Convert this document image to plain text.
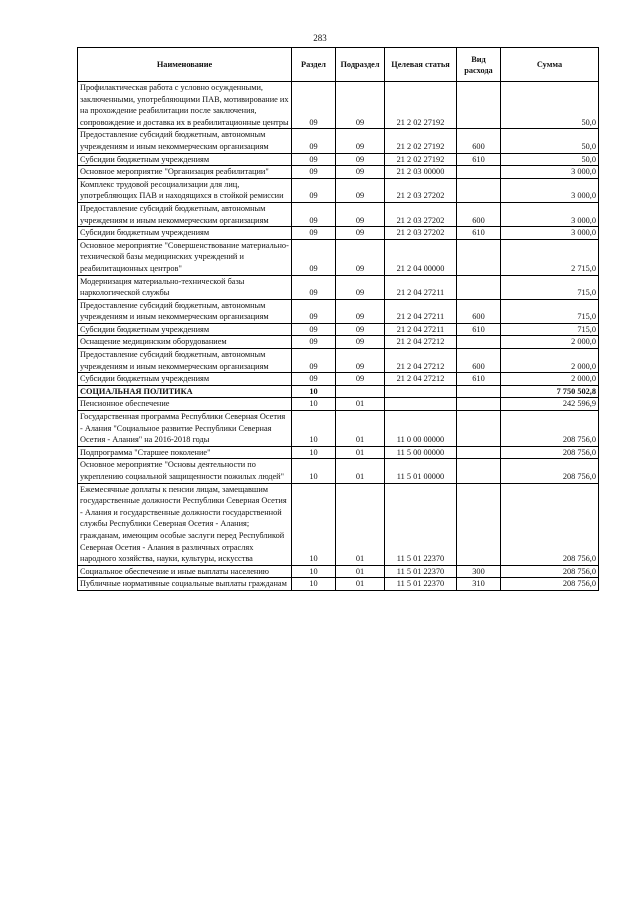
283
Наименование	Раздел	Подраздел	Целевая статья	Вид расхода	Сумма
Профилактическая работа с условно осужденными, заключенными, употребляющими ПАВ, мотивирование их на прохождение реабилитации после заключения, сопровождение и доставка их в реабилитационные центры	09	09	21 2 02 27192		50,0
Предоставление субсидий бюджетным, автономным учреждениям и иным некоммерческим организациям	09	09	21 2 02 27192	600	50,0
Субсидии бюджетным учреждениям	09	09	21 2 02 27192	610	50,0
Основное мероприятие "Организация реабилитации"	09	09	21 2 03 00000		3 000,0
Комплекс трудовой ресоциализации для лиц, употребляющих ПАВ и находящихся в стойкой ремиссии	09	09	21 2 03 27202		3 000,0
Предоставление субсидий бюджетным, автономным учреждениям и иным некоммерческим организациям	09	09	21 2 03 27202	600	3 000,0
Субсидии бюджетным учреждениям	09	09	21 2 03 27202	610	3 000,0
Основное мероприятие "Совершенствование материально-технической базы медицинских учреждений и реабилитационных центров"	09	09	21 2 04 00000		2 715,0
Модернизация материально-технической базы наркологической службы	09	09	21 2 04 27211		715,0
Предоставление субсидий бюджетным, автономным учреждениям и иным некоммерческим организациям	09	09	21 2 04 27211	600	715,0
Субсидии бюджетным учреждениям	09	09	21 2 04 27211	610	715,0
Оснащение медицинским оборудованием	09	09	21 2 04 27212		2 000,0
Предоставление субсидий бюджетным, автономным учреждениям и иным некоммерческим организациям	09	09	21 2 04 27212	600	2 000,0
Субсидии бюджетным учреждениям	09	09	21 2 04 27212	610	2 000,0
СОЦИАЛЬНАЯ ПОЛИТИКА	10				7 750 502,8
Пенсионное обеспечение	10	01			242 596,9
Государственная программа Республики Северная Осетия - Алания "Социальное развитие Республики Северная Осетия - Алания" на 2016-2018 годы	10	01	11 0 00 00000		208 756,0
Подпрограмма "Старшее поколение"	10	01	11 5 00 00000		208 756,0
Основное мероприятие "Основы деятельности по укреплению социальной защищенности пожилых людей"	10	01	11 5 01 00000		208 756,0
Ежемесячные доплаты к пенсии лицам, замещавшим государственные должности Республики Северная Осетия - Алания и государственные должности государственной службы Республики Северная Осетия - Алания; гражданам, имеющим особые заслуги перед Республикой Северная Осетия - Алания в различных отраслях народного хозяйства, науки, культуры, искусства	10	01	11 5 01 22370		208 756,0
Социальное обеспечение и иные выплаты населению	10	01	11 5 01 22370	300	208 756,0
Публичные нормативные социальные выплаты гражданам	10	01	11 5 01 22370	310	208 756,0
